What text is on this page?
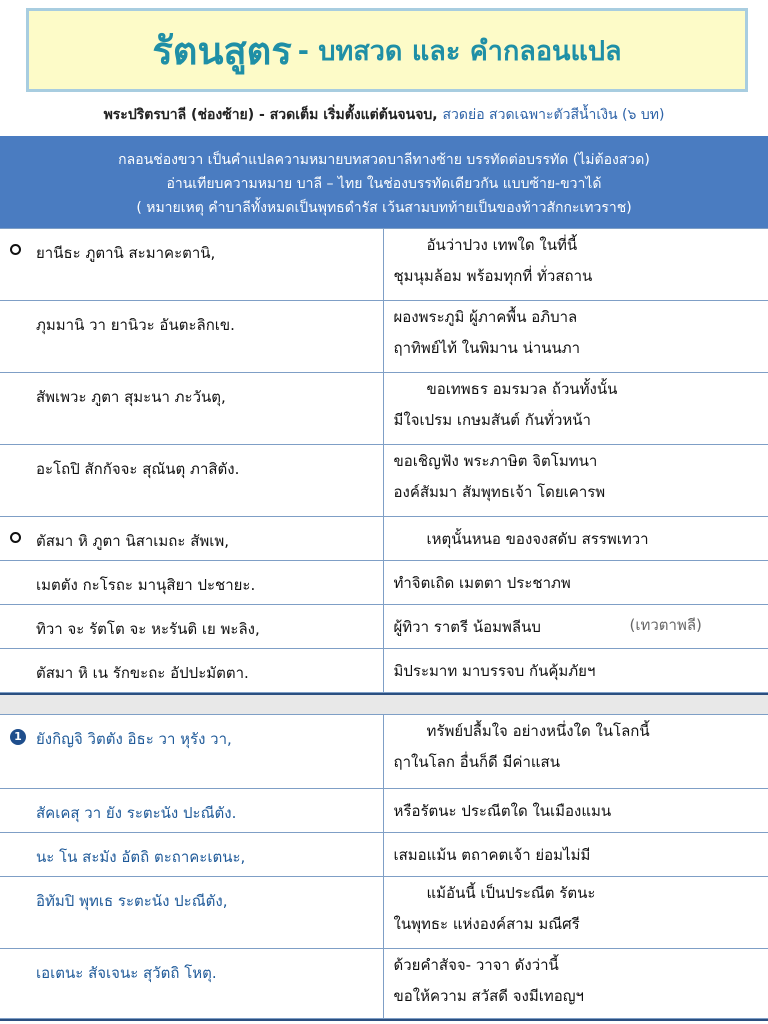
รัตนสูตร - บทสวด และ คำกลอนแปล
พระปริตรบาลี (ช่องซ้าย) - สวดเต็ม เริ่มตั้งแต่ต้นจนจบ, สวดย่อ สวดเฉพาะตัวสีน้ำเงิน (๖ บท)
กลอนช่องขวา เป็นคำแปลความหมายบทสวดบาลีทางซ้าย บรรทัดต่อบรรทัด (ไม่ต้องสวด)
อ่านเทียบความหมาย บาลี – ไทย ในช่องบรรทัดเดียวกัน แบบซ้าย-ขวาได้
( หมายเหตุ คำบาลีทั้งหมดเป็นพุทธดำรัส เว้นสามบทท้ายเป็นของท้าวสักกะเทวราช)
ยานีธะ ภูตานิ สะมาคะตานิ,	อันว่าปวง เทพใด ในที่นี้
ชุมนุมล้อม พร้อมทุกที่ ทั่วสถาน

ภุมมานิ วา ยานิวะ อันตะลิกเข.	ผองพระภูมิ ผู้ภาคพื้น อภิบาล
ฤาทิพย์ไท้ ในพิมาน น่านนภา

สัพเพวะ ภูตา สุมะนา ภะวันตุ,	ขอเทพธร อมรมวล ถ้วนทั้งนั้น
มีใจเปรม เกษมสันต์ กันทั่วหน้า

อะโถปิ สักกัจจะ สุณันตุ ภาสิตัง.	ขอเชิญฟัง พระภาษิต จิตโมทนา
องค์สัมมา สัมพุทธเจ้า โดยเคารพ

ตัสมา หิ ภูตา นิสาเมถะ สัพเพ,	เหตุนั้นหนอ ของจงสดับ สรรพเทวา

เมตตัง กะโรถะ มานุสิยา ปะชายะ.	ทำจิตเถิด เมตตา ประชาภพ

ทิวา จะ รัตโต จะ หะรันติ เย พะลิง,	ผู้ทิวา ราตรี น้อมพลีนบ (เทวตาพลี)

ตัสมา หิ เน รักขะถะ อัปปะมัตตา.	มิประมาท มาบรรจบ กันคุ้มภัยฯ
1 ยังกิญจิ วิตตัง อิธะ วา หุรัง วา,	ทรัพย์ปลื้มใจ อย่างหนึ่งใด ในโลกนี้
ฤาในโลก อื่นก็ดี มีค่าแสน

สัคเคสุ วา ยัง ระตะนัง ปะณีตัง.	หรือรัตนะ ประณีตใด ในเมืองแมน

นะ โน สะมัง อัตถิ ตะถาคะเตนะ,	เสมอแม้น ตถาคตเจ้า ย่อมไม่มี

อิทัมปิ พุทเธ ระตะนัง ปะณีตัง,	แม้อันนี้ เป็นประณีต รัตนะ
ในพุทธะ แห่งองค์สาม มณีศรี

เอเตนะ สัจเจนะ สุวัตถิ โหตุ.	ด้วยคำสัจจ- วาจา ดังว่านี้
ขอให้ความ สวัสดี จงมีเทอญฯ
